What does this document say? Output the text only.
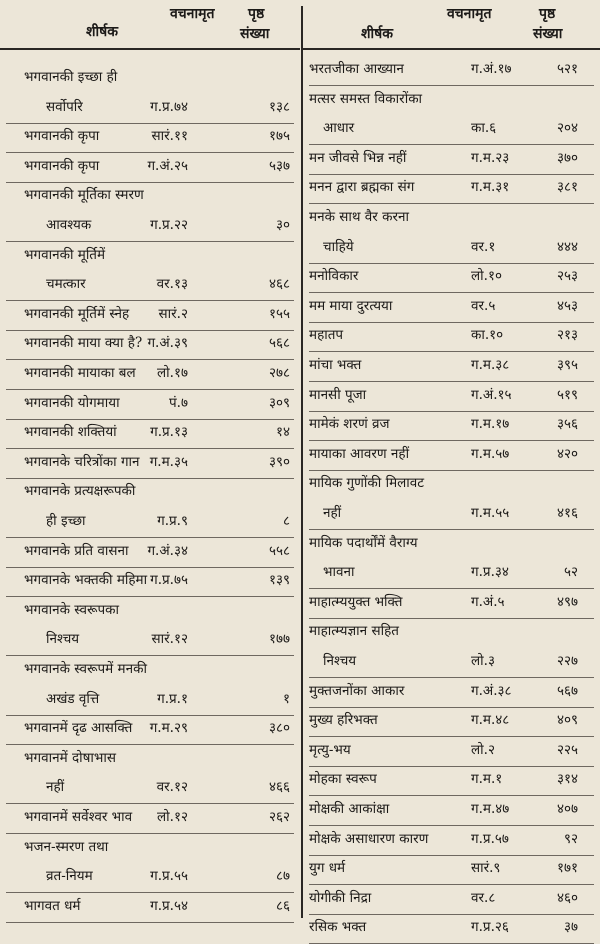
शीर्षक
वचनामृत पृष्ठ
संख्या
भगवानकी इच्छा ही
सर्वोपरि	ग.प्र.७४	१३८
भगवानकी कृपा	सारं.११	१७५
भगवानकी कृपा	ग.अं.२५	५३७
भगवानकी मूर्तिका स्मरण
आवश्यक	ग.प्र.२२	३०
भगवानकी मूर्तिमें
चमत्कार	वर.१३	४६८
भगवानकी मूर्तिमें स्नेह सारं.२	१५५
भगवानकी माया क्या है? ग.अं.३९	५६८
भगवानकी मायाका बल लो.१७	२७८
भगवानकी योगमाया	पं.७	३०९
भगवानकी शक्तियां ग.प्र.१३	१४
भगवानके चरित्रोंका गान ग.म.३५	३९०
भगवानके प्रत्यक्षरूपकी
ही इच्छा	ग.प्र.९	८
भगवानके प्रति वासना ग.अं.३४	५५८
भगवानके भक्तकी महिमा ग.प्र.७५	१३९
भगवानके स्वरूपका
निश्चय	सारं.१२	१७७
भगवानके स्वरूपमें मनकी
अखंड वृत्ति	ग.प्र.१	१
भगवानमें दृढ आसक्ति ग.म.२९	३८०
भगवानमें दोषाभास
नहीं	वर.१२	४६६
भगवानमें सर्वेश्वर भाव लो.१२	२६२
भजन-स्मरण तथा
व्रत-नियम	ग.प्र.५५	८७
भागवत धर्म	ग.प्र.५४	८६
शीर्षक
वचनामृत	पृष्ठ
संख्या
भरतजीका आख्यान	ग.अं.१७	५२१
मत्सर समस्त विकारोंका
आधार	का.६	२०४
मन जीवसे भिन्न नहीं	ग.म.२३	३७०
मनन द्वारा ब्रह्मका संग	ग.म.३१	३८१
मनके साथ वैर करना
चाहिये	वर.१	४४४
मनोविकार	लो.१०	२५३
मम माया दुरत्यया	वर.५	४५३
महातप	का.१०	२१३
मांचा भक्त	ग.म.३८	३९५
मानसी पूजा	ग.अं.१५	५१९
मामेकं शरणं व्रज	ग.म.१७	३५६
मायाका आवरण नहीं	ग.म.५७	४२०
मायिक गुणोंकी मिलावट
नहीं	ग.म.५५	४१६
मायिक पदार्थोंमें वैराग्य
भावना	ग.प्र.३४	५२
माहात्म्ययुक्त भक्ति	ग.अं.५	४९७
माहात्म्यज्ञान सहित
निश्चय	लो.३	२२७
मुक्तजनोंका आकार	ग.अं.३८	५६७
मुख्य हरिभक्त	ग.म.४८	४०९
मृत्यु-भय	लो.२	२२५
मोहका स्वरूप	ग.म.१	३१४
मोक्षकी आकांक्षा	ग.म.४७	४०७
मोक्षके असाधारण कारण	ग.प्र.५७	९२
युग धर्म	सारं.९	१७१
योगीकी निद्रा	वर.८	४६०
रसिक भक्त	ग.प्र.२६	३७
